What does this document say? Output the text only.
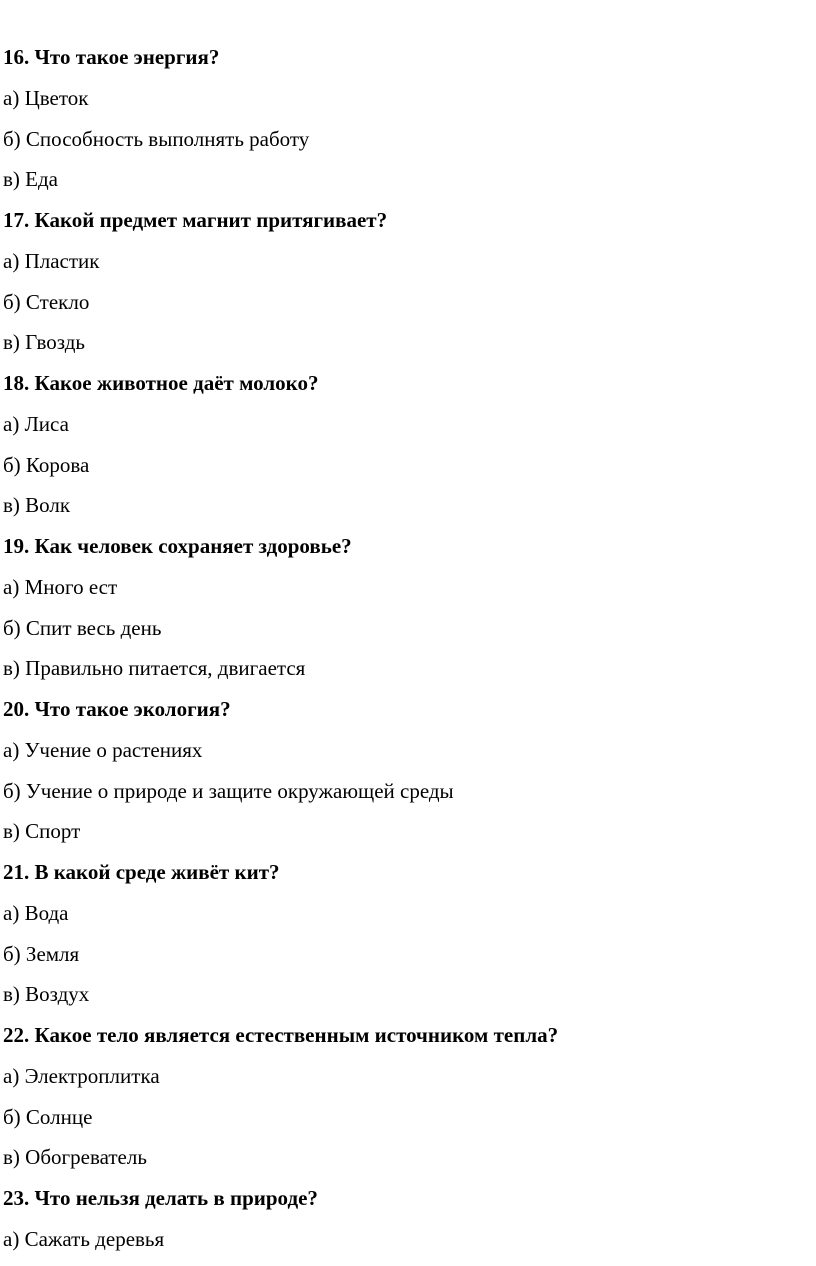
16. Что такое энергия?
а) Цветок
б) Способность выполнять работу
в) Еда
17. Какой предмет магнит притягивает?
а) Пластик
б) Стекло
в) Гвоздь
18. Какое животное даёт молоко?
а) Лиса
б) Корова
в) Волк
19. Как человек сохраняет здоровье?
а) Много ест
б) Спит весь день
в) Правильно питается, двигается
20. Что такое экология?
а) Учение о растениях
б) Учение о природе и защите окружающей среды
в) Спорт
21. В какой среде живёт кит?
а) Вода
б) Земля
в) Воздух
22. Какое тело является естественным источником тепла?
а) Электроплитка
б) Солнце
в) Обогреватель
23. Что нельзя делать в природе?
а) Сажать деревья
